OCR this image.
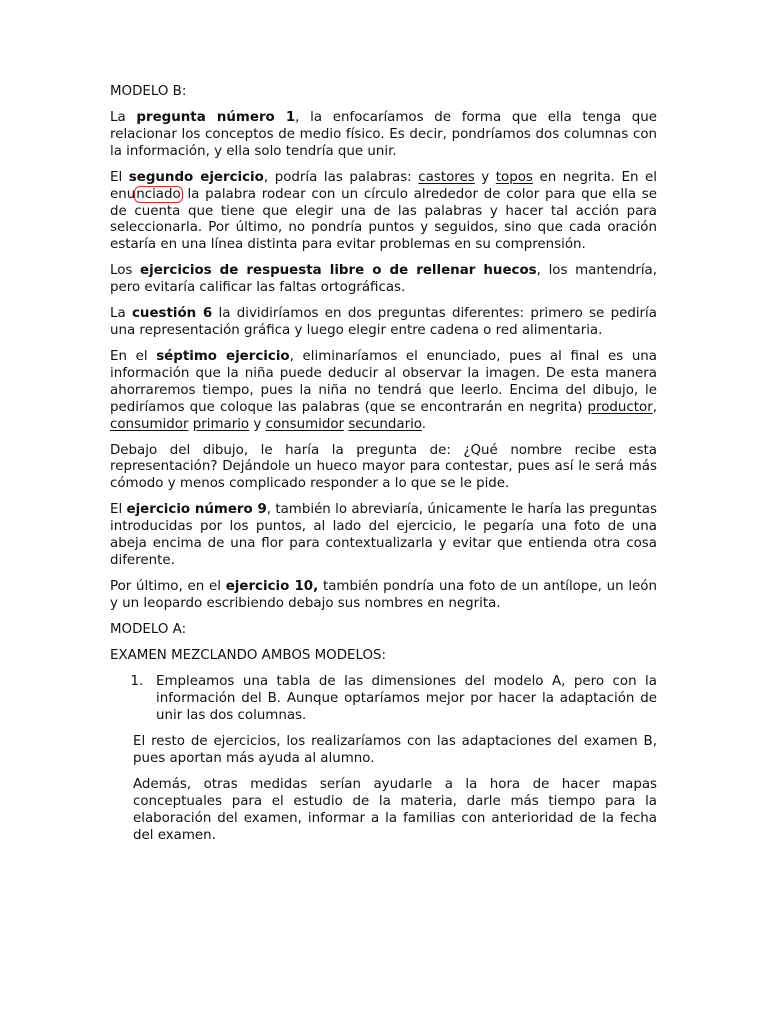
MODELO B:

La pregunta número 1, la enfocaríamos de forma que ella tenga que relacionar los conceptos de medio físico. Es decir, pondríamos dos columnas con la información, y ella solo tendría que unir.

El segundo ejercicio, podría las palabras: castores y topos en negrita. En el enunciado la palabra rodear con un círculo alrededor de color para que ella se de cuenta que tiene que elegir una de las palabras y hacer tal acción para seleccionarla. Por último, no pondría puntos y seguidos, sino que cada oración estaría en una línea distinta para evitar problemas en su comprensión.

Los ejercicios de respuesta libre o de rellenar huecos, los mantendría, pero evitaría calificar las faltas ortográficas.

La cuestión 6 la dividiríamos en dos preguntas diferentes: primero se pediría una representación gráfica y luego elegir entre cadena o red alimentaria.

En el séptimo ejercicio, eliminaríamos el enunciado, pues al final es una información que la niña puede deducir al observar la imagen. De esta manera ahorraremos tiempo, pues la niña no tendrá que leerlo. Encima del dibujo, le pediríamos que coloque las palabras (que se encontrarán en negrita) productor, consumidor primario y consumidor secundario.

Debajo del dibujo, le haría la pregunta de: ¿Qué nombre recibe esta representación? Dejándole un hueco mayor para contestar, pues así le será más cómodo y menos complicado responder a lo que se le pide.

El ejercicio número 9, también lo abreviaría, únicamente le haría las preguntas introducidas por los puntos, al lado del ejercicio, le pegaría una foto de una abeja encima de una flor para contextualizarla y evitar que entienda otra cosa diferente.

Por último, en el ejercicio 10, también pondría una foto de un antílope, un león y un leopardo escribiendo debajo sus nombres en negrita.

MODELO A:

EXAMEN MEZCLANDO AMBOS MODELOS:

1. Empleamos una tabla de las dimensiones del modelo A, pero con la información del B. Aunque optaríamos mejor por hacer la adaptación de unir las dos columnas.

El resto de ejercicios, los realizaríamos con las adaptaciones del examen B, pues aportan más ayuda al alumno.

Además, otras medidas serían ayudarle a la hora de hacer mapas conceptuales para el estudio de la materia, darle más tiempo para la elaboración del examen, informar a la familias con anterioridad de la fecha del examen.
